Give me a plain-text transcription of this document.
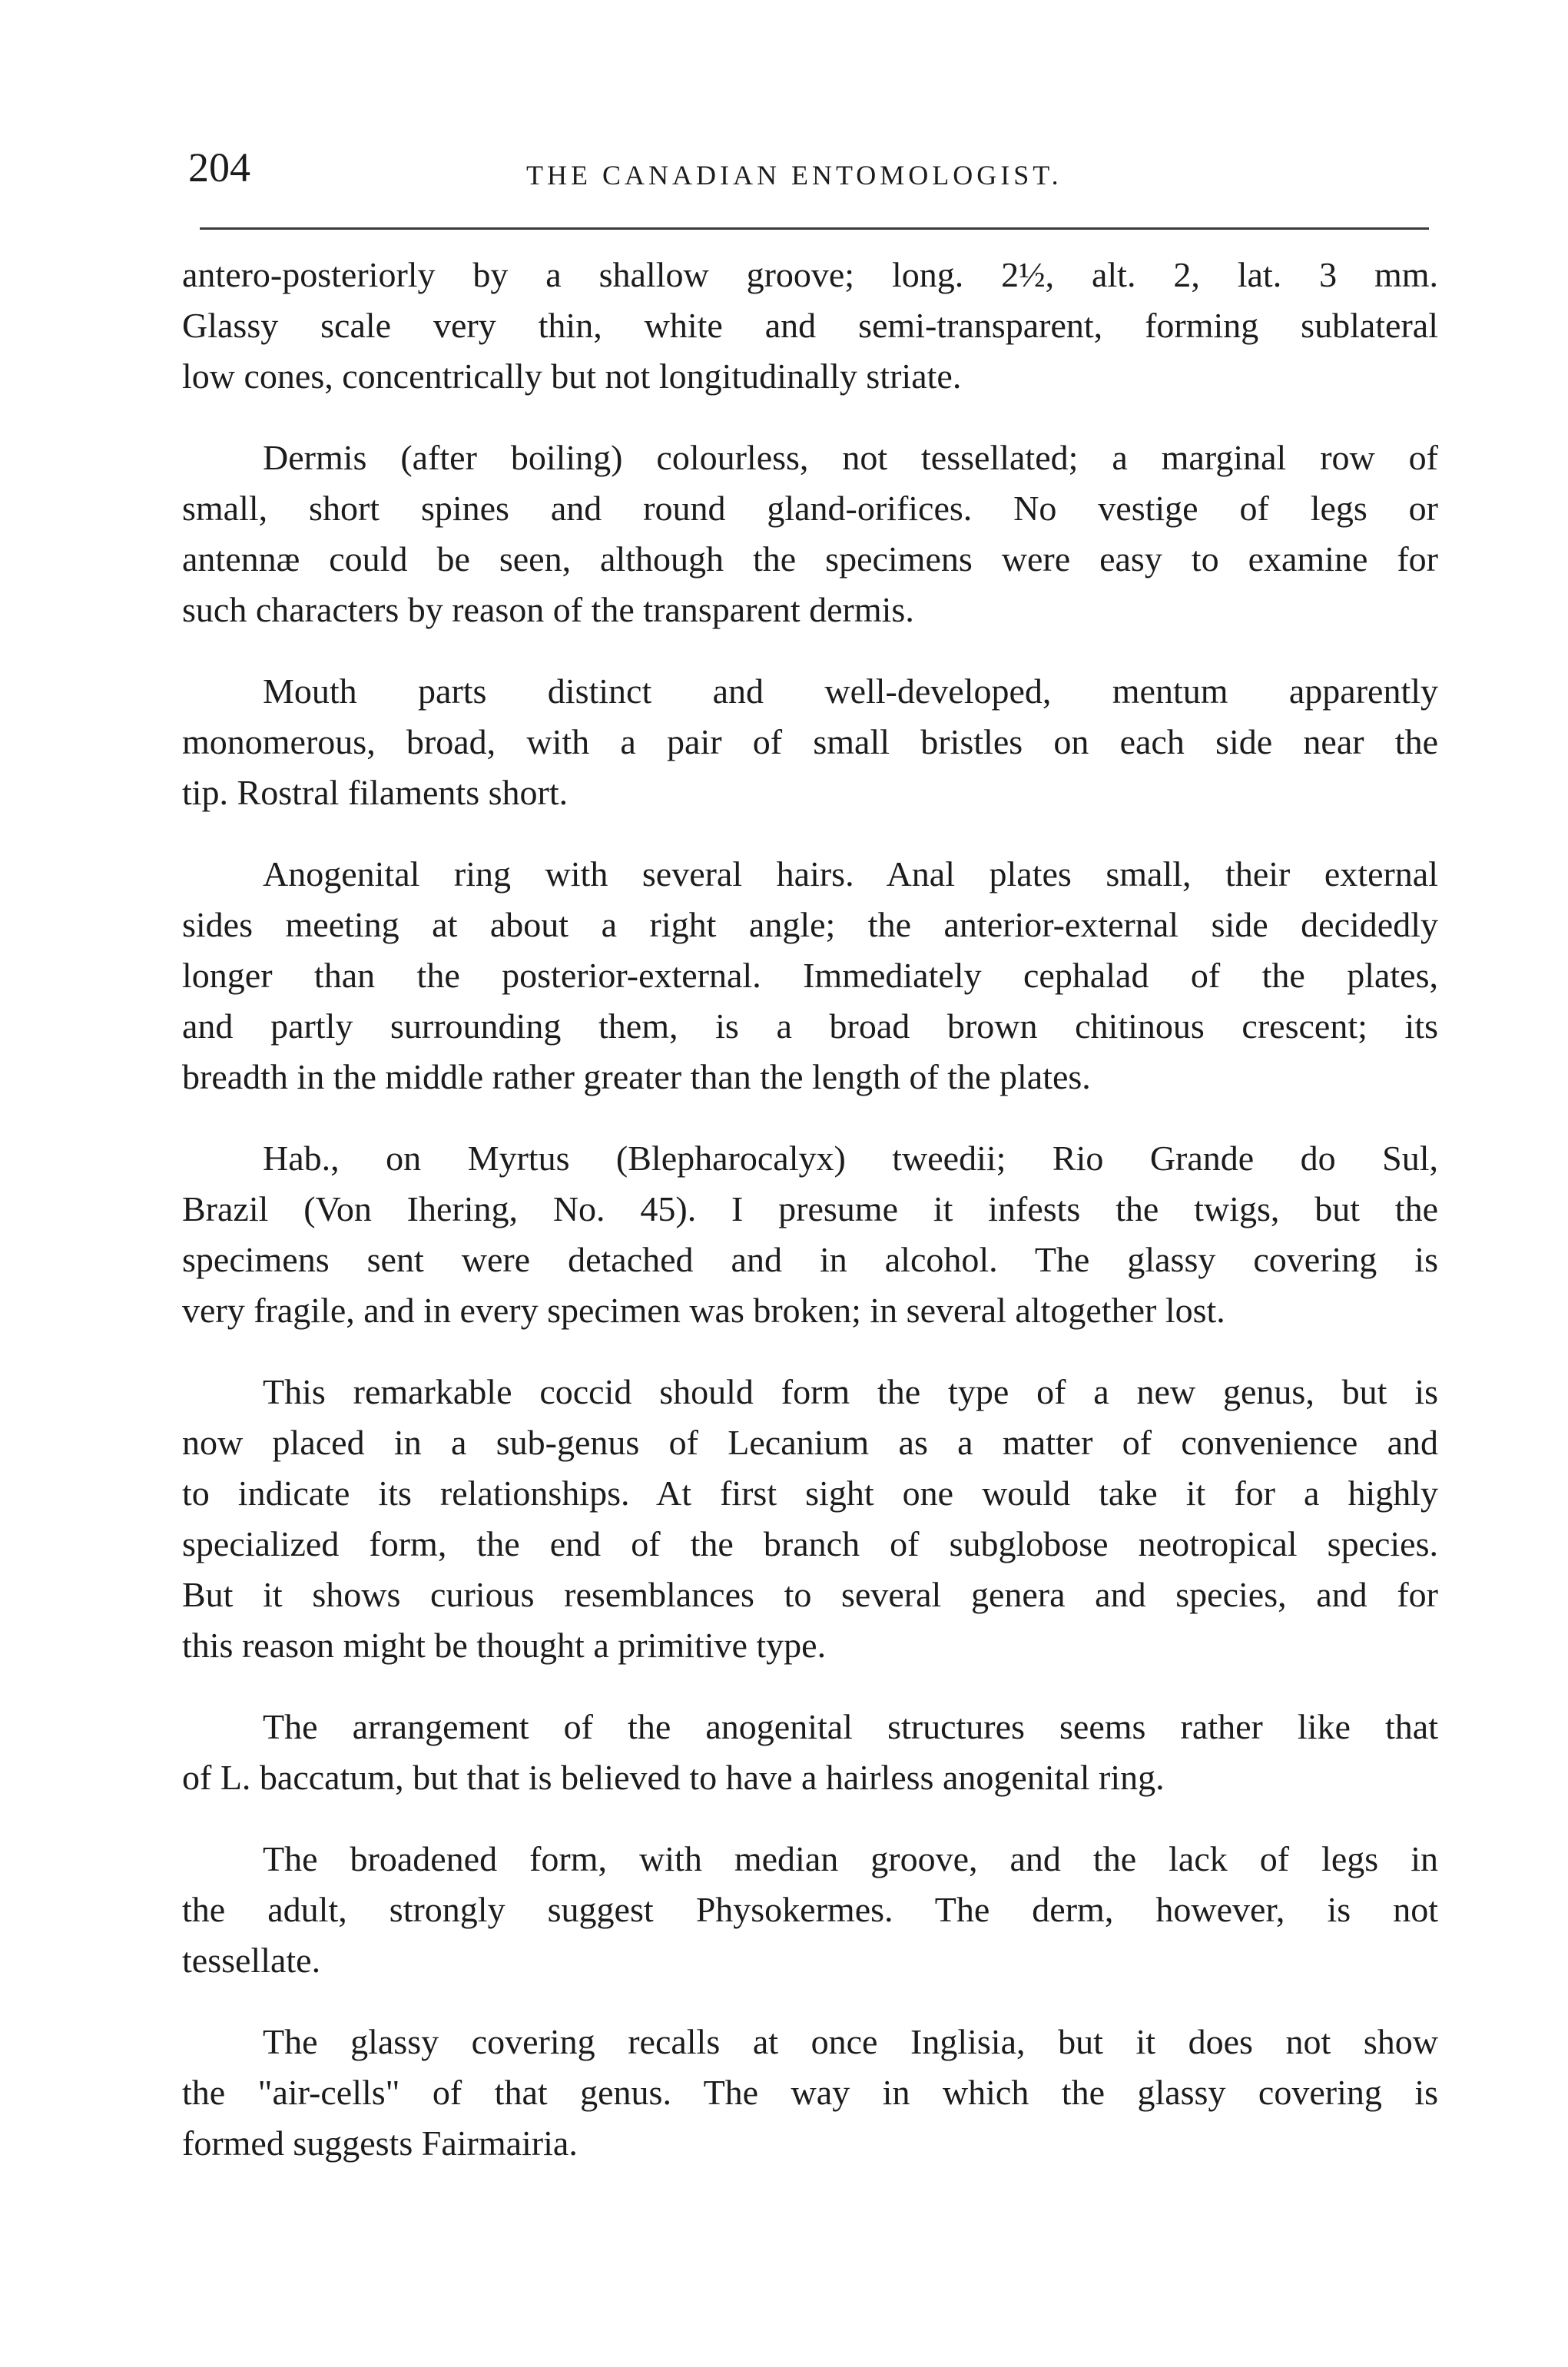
204	THE CANADIAN ENTOMOLOGIST.

antero-posteriorly by a shallow groove; long. 2½, alt. 2, lat. 3 mm.
Glassy scale very thin, white and semi-transparent, forming sublateral
low cones, concentrically but not longitudinally striate.

Dermis (after boiling) colourless, not tessellated; a marginal row of
small, short spines and round gland-orifices. No vestige of legs or
antennæ could be seen, although the specimens were easy to examine for
such characters by reason of the transparent dermis.

Mouth parts distinct and well-developed, mentum apparently
monomerous, broad, with a pair of small bristles on each side near the
tip. Rostral filaments short.

Anogenital ring with several hairs. Anal plates small, their external
sides meeting at about a right angle; the anterior-external side decidedly
longer than the posterior-external. Immediately cephalad of the plates,
and partly surrounding them, is a broad brown chitinous crescent; its
breadth in the middle rather greater than the length of the plates.

Hab., on Myrtus (Blepharocalyx) tweedii; Rio Grande do Sul,
Brazil (Von Ihering, No. 45). I presume it infests the twigs, but the
specimens sent were detached and in alcohol. The glassy covering is
very fragile, and in every specimen was broken; in several altogether lost.

This remarkable coccid should form the type of a new genus, but is
now placed in a sub-genus of Lecanium as a matter of convenience and
to indicate its relationships. At first sight one would take it for a highly
specialized form, the end of the branch of subglobose neotropical species.
But it shows curious resemblances to several genera and species, and for
this reason might be thought a primitive type.

The arrangement of the anogenital structures seems rather like that
of L. baccatum, but that is believed to have a hairless anogenital ring.

The broadened form, with median groove, and the lack of legs in
the adult, strongly suggest Physokermes. The derm, however, is not
tessellate.

The glassy covering recalls at once Inglisia, but it does not show
the "air-cells" of that genus. The way in which the glassy covering is
formed suggests Fairmairia.
